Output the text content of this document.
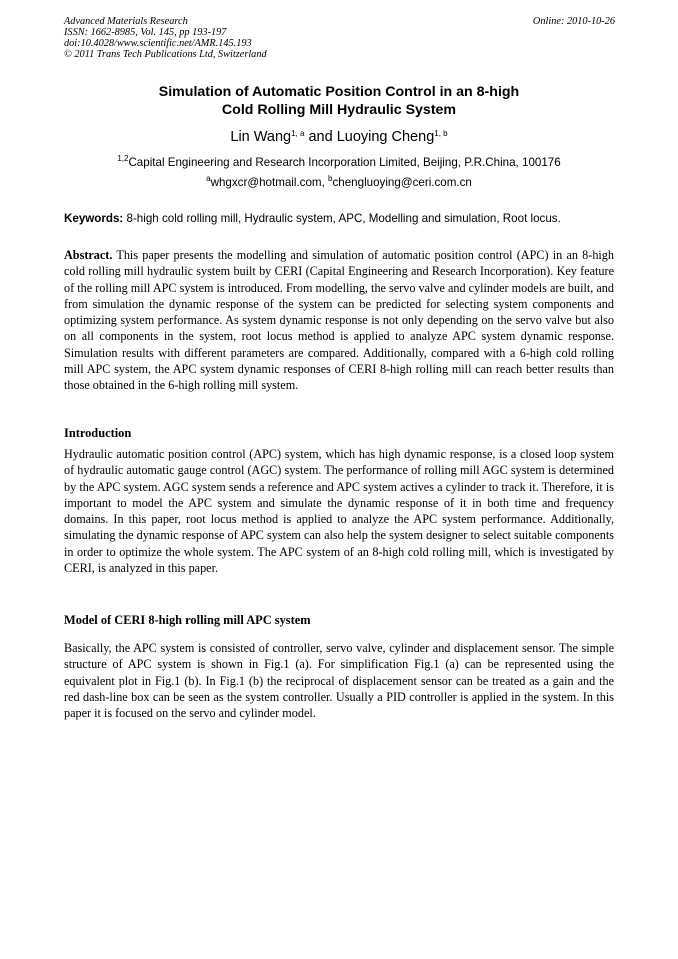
Advanced Materials Research
ISSN: 1662-8985, Vol. 145, pp 193-197
doi:10.4028/www.scientific.net/AMR.145.193
© 2011 Trans Tech Publications Ltd, Switzerland
Online: 2010-10-26
Simulation of Automatic Position Control in an 8-high
Cold Rolling Mill Hydraulic System
Lin Wang$^{1, a}$ and Luoying Cheng$^{1, b}$
$^{1,2}$Capital Engineering and Research Incorporation Limited, Beijing, P.R.China, 100176
$^a$whgxcr@hotmail.com, $^b$chengluoying@ceri.com.cn
Keywords: 8-high cold rolling mill, Hydraulic system, APC, Modelling and simulation, Root locus.
Abstract. This paper presents the modelling and simulation of automatic position control (APC) in an 8-high cold rolling mill hydraulic system built by CERI (Capital Engineering and Research Incorporation). Key feature of the rolling mill APC system is introduced. From modelling, the servo valve and cylinder models are built, and from simulation the dynamic response of the system can be predicted for selecting system components and optimizing system performance. As system dynamic response is not only depending on the servo valve but also on all components in the system, root locus method is applied to analyze APC system dynamic response. Simulation results with different parameters are compared. Additionally, compared with a 6-high cold rolling mill APC system, the APC system dynamic responses of CERI 8-high rolling mill can reach better results than those obtained in the 6-high rolling mill system.
Introduction
Hydraulic automatic position control (APC) system, which has high dynamic response, is a closed loop system of hydraulic automatic gauge control (AGC) system. The performance of rolling mill AGC system is determined by the APC system. AGC system sends a reference and APC system actives a cylinder to track it. Therefore, it is important to model the APC system and simulate the dynamic response of it in both time and frequency domains. In this paper, root locus method is applied to analyze the APC system performance. Additionally, simulating the dynamic response of APC system can also help the system designer to select suitable components in order to optimize the whole system. The APC system of an 8-high cold rolling mill, which is investigated by CERI, is analyzed in this paper.
Model of CERI 8-high rolling mill APC system
Basically, the APC system is consisted of controller, servo valve, cylinder and displacement sensor. The simple structure of APC system is shown in Fig.1 (a). For simplification Fig.1 (a) can be represented using the equivalent plot in Fig.1 (b). In Fig.1 (b) the reciprocal of displacement sensor can be treated as a gain and the red dash-line box can be seen as the system controller. Usually a PID controller is applied in the system. In this paper it is focused on the servo and cylinder model.
